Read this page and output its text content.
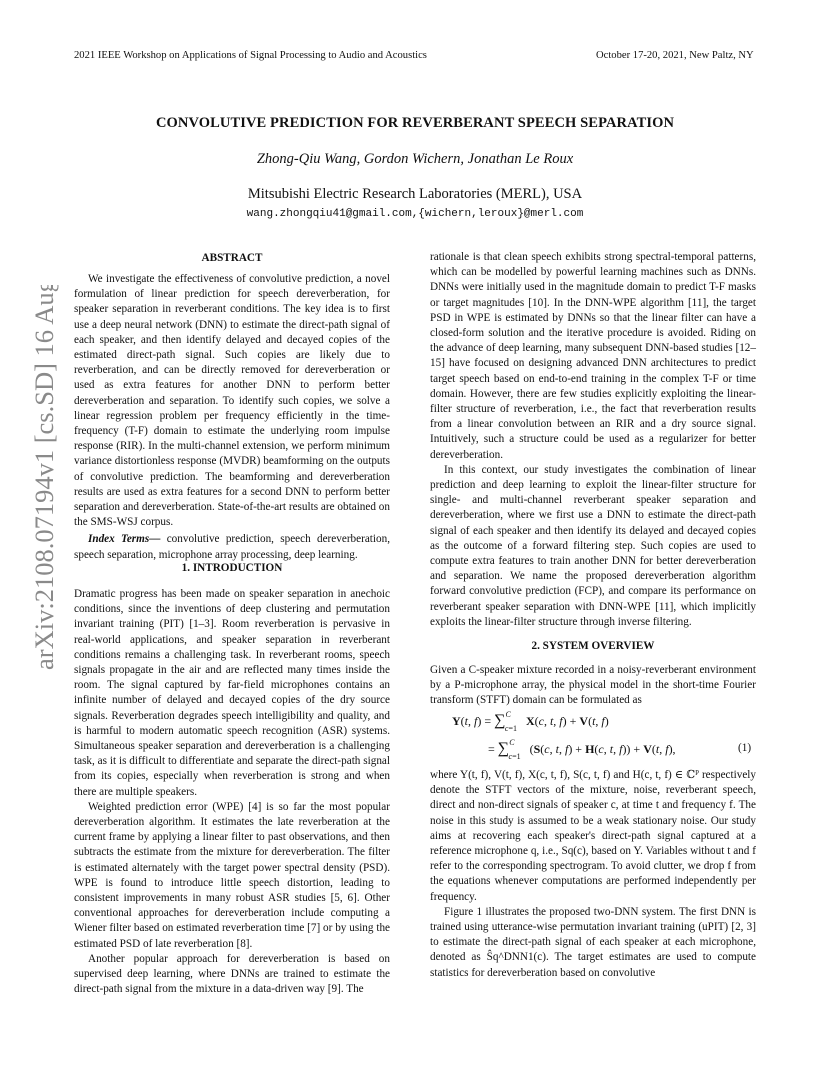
2021 IEEE Workshop on Applications of Signal Processing to Audio and Acoustics	October 17-20, 2021, New Paltz, NY
arXiv:2108.07194v1 [cs.SD] 16 Aug 2021
CONVOLUTIVE PREDICTION FOR REVERBERANT SPEECH SEPARATION
Zhong-Qiu Wang, Gordon Wichern, Jonathan Le Roux
Mitsubishi Electric Research Laboratories (MERL), USA
wang.zhongqiu41@gmail.com,{wichern,leroux}@merl.com
ABSTRACT

We investigate the effectiveness of convolutive prediction, a novel formulation of linear prediction for speech dereverberation, for speaker separation in reverberant conditions. The key idea is to first use a deep neural network (DNN) to estimate the direct-path signal of each speaker, and then identify delayed and decayed copies of the estimated direct-path signal. Such copies are likely due to reverberation, and can be directly removed for dereverberation or used as extra features for another DNN to perform better dereverberation and separation. To identify such copies, we solve a linear regression problem per frequency efficiently in the time-frequency (T-F) domain to estimate the underlying room impulse response (RIR). In the multi-channel extension, we perform minimum variance distortionless response (MVDR) beamforming on the outputs of convolutive prediction. The beamforming and dereverberation results are used as extra features for a second DNN to perform better separation and dereverberation. State-of-the-art results are obtained on the SMS-WSJ corpus.

Index Terms— convolutive prediction, speech dereverberation, speech separation, microphone array processing, deep learning.

1. INTRODUCTION

Dramatic progress has been made on speaker separation in anechoic conditions, since the inventions of deep clustering and permutation invariant training (PIT) [1–3]. Room reverberation is pervasive in real-world applications, and speaker separation in reverberant conditions remains a challenging task. In reverberant rooms, speech signals propagate in the air and are reflected many times inside the room. The signal captured by far-field microphones contains an infinite number of delayed and decayed copies of the dry source signals. Reverberation degrades speech intelligibility and quality, and is harmful to modern automatic speech recognition (ASR) systems. Simultaneous speaker separation and dereverberation is a challenging task, as it is difficult to differentiate and separate the direct-path signal from its copies, especially when reverberation is strong and when there are multiple speakers.

Weighted prediction error (WPE) [4] is so far the most popular dereverberation algorithm. It estimates the late reverberation at the current frame by applying a linear filter to past observations, and then subtracts the estimate from the mixture for dereverberation. The filter is estimated alternately with the target power spectral density (PSD). WPE is found to introduce little speech distortion, leading to consistent improvements in many robust ASR studies [5, 6]. Other conventional approaches for dereverberation include computing a Wiener filter based on estimated reverberation time [7] or by using the estimated PSD of late reverberation [8].

Another popular approach for dereverberation is based on supervised deep learning, where DNNs are trained to estimate the direct-path signal from the mixture in a data-driven way [9]. The

rationale is that clean speech exhibits strong spectral-temporal patterns, which can be modelled by powerful learning machines such as DNNs. DNNs were initially used in the magnitude domain to predict T-F masks or target magnitudes [10]. In the DNN-WPE algorithm [11], the target PSD in WPE is estimated by DNNs so that the linear filter can have a closed-form solution and the iterative procedure is avoided. Riding on the advance of deep learning, many subsequent DNN-based studies [12–15] have focused on designing advanced DNN architectures to predict target speech based on end-to-end training in the complex T-F or time domain. However, there are few studies explicitly exploiting the linear-filter structure of reverberation, i.e., the fact that reverberation results from a linear convolution between an RIR and a dry source signal. Intuitively, such a structure could be used as a regularizer for better dereverberation.

In this context, our study investigates the combination of linear prediction and deep learning to exploit the linear-filter structure for single- and multi-channel reverberant speaker separation and dereverberation, where we first use a DNN to estimate the direct-path signal of each speaker and then identify its delayed and decayed copies as the outcome of a forward filtering step. Such copies are used to compute extra features to train another DNN for better dereverberation and separation. We name the proposed dereverberation algorithm forward convolutive prediction (FCP), and compare its performance on reverberant speaker separation with DNN-WPE [11], which implicitly exploits the linear-filter structure through inverse filtering.

2. SYSTEM OVERVIEW

Given a C-speaker mixture recorded in a noisy-reverberant environment by a P-microphone array, the physical model in the short-time Fourier transform (STFT) domain can be formulated as

Y(t, f) = ∑$^C_{c=1}$ X(c, t, f) + V(t, f)
= ∑$^C_{c=1}$ (S(c, t, f) + H(c, t, f)) + V(t, f),	(1)

where Y(t, f), V(t, f), X(c, t, f), S(c, t, f) and H(c, t, f) ∈ ℂᴾ respectively denote the STFT vectors of the mixture, noise, reverberant speech, direct and non-direct signals of speaker c, at time t and frequency f. The noise in this study is assumed to be a weak stationary noise. Our study aims at recovering each speaker's direct-path signal captured at a reference microphone q, i.e., Sq(c), based on Y. Variables without t and f refer to the corresponding spectrogram. To avoid clutter, we drop f from the equations whenever computations are performed independently per frequency.

Figure 1 illustrates the proposed two-DNN system. The first DNN is trained using utterance-wise permutation invariant training (uPIT) [2, 3] to estimate the direct-path signal of each speaker at each microphone, denoted as Ŝq^DNN1(c). The target estimates are used to compute statistics for dereverberation based on convolutive
